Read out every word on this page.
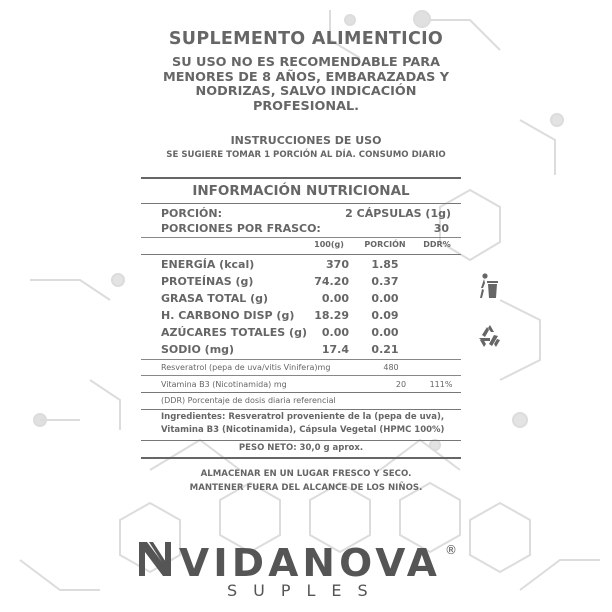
SUPLEMENTO ALIMENTICIO
SU USO NO ES RECOMENDABLE PARA
MENORES DE 8 AÑOS, EMBARAZADAS Y
NODRIZAS, SALVO INDICACIÓN
PROFESIONAL.
INSTRUCCIONES DE USO
SE SUGIERE TOMAR 1 PORCIÓN AL DÍA. CONSUMO DIARIO
INFORMACIÓN NUTRICIONAL
PORCIÓN:	2 CÁPSULAS (1g)
PORCIONES POR FRASCO:	30
100(g)	PORCIÓN	DDR%
ENERGÍA (kcal)	370	1.85
PROTEÍNAS (g)	74.20	0.37
GRASA TOTAL (g)	0.00	0.00
H. CARBONO DISP (g)	18.29	0.09
AZÚCARES TOTALES (g)	0.00	0.00
SODIO (mg)	17.4	0.21
Resveratrol (pepa de uva/vitis Vinifera)mg	480
Vitamina B3 (Nicotinamida) mg	20	111%
(DDR) Porcentaje de dosis diaria referencial
Ingredientes: Resveratrol proveniente de la (pepa de uva),
Vitamina B3 (Nicotinamida), Cápsula Vegetal (HPMC 100%)
PESO NETO: 30,0 g aprox.
ALMACENAR EN UN LUGAR FRESCO Y SECO.
MANTENER FUERA DEL ALCANCE DE LOS NIÑOS.
VIDANOVA ®
SUPLES
